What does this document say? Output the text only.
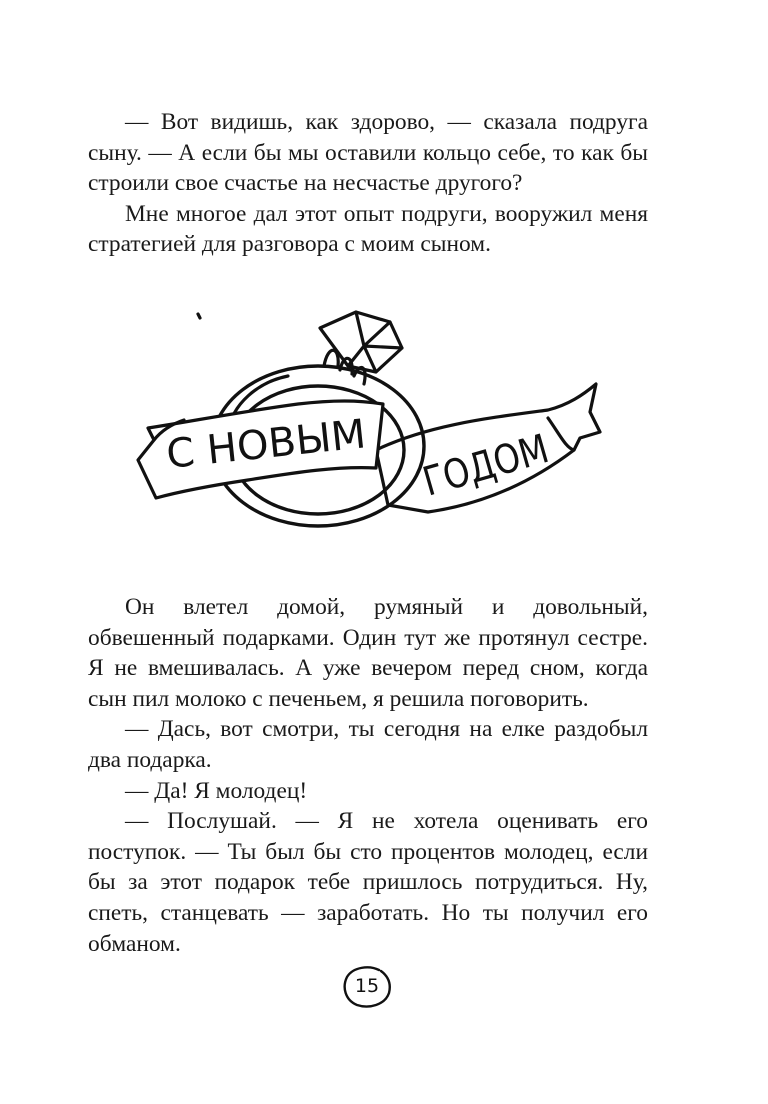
— Вот видишь, как здорово, — сказала подруга сыну. — А если бы мы оставили кольцо себе, то как бы строили свое счастье на несчастье другого?

Мне многое дал этот опыт подруги, вооружил меня стратегией для разговора с моим сыном.

С НОВЫМ ГОДОМ

Он влетел домой, румяный и довольный, обвешенный подарками. Один тут же протянул сестре. Я не вмешивалась. А уже вечером перед сном, когда сын пил молоко с печеньем, я решила поговорить.

— Дась, вот смотри, ты сегодня на елке раздобыл два подарка.

— Да! Я молодец!

— Послушай. — Я не хотела оценивать его поступок. — Ты был бы сто процентов молодец, если бы за этот подарок тебе пришлось потрудиться. Ну, спеть, станцевать — заработать. Но ты получил его обманом.

15
